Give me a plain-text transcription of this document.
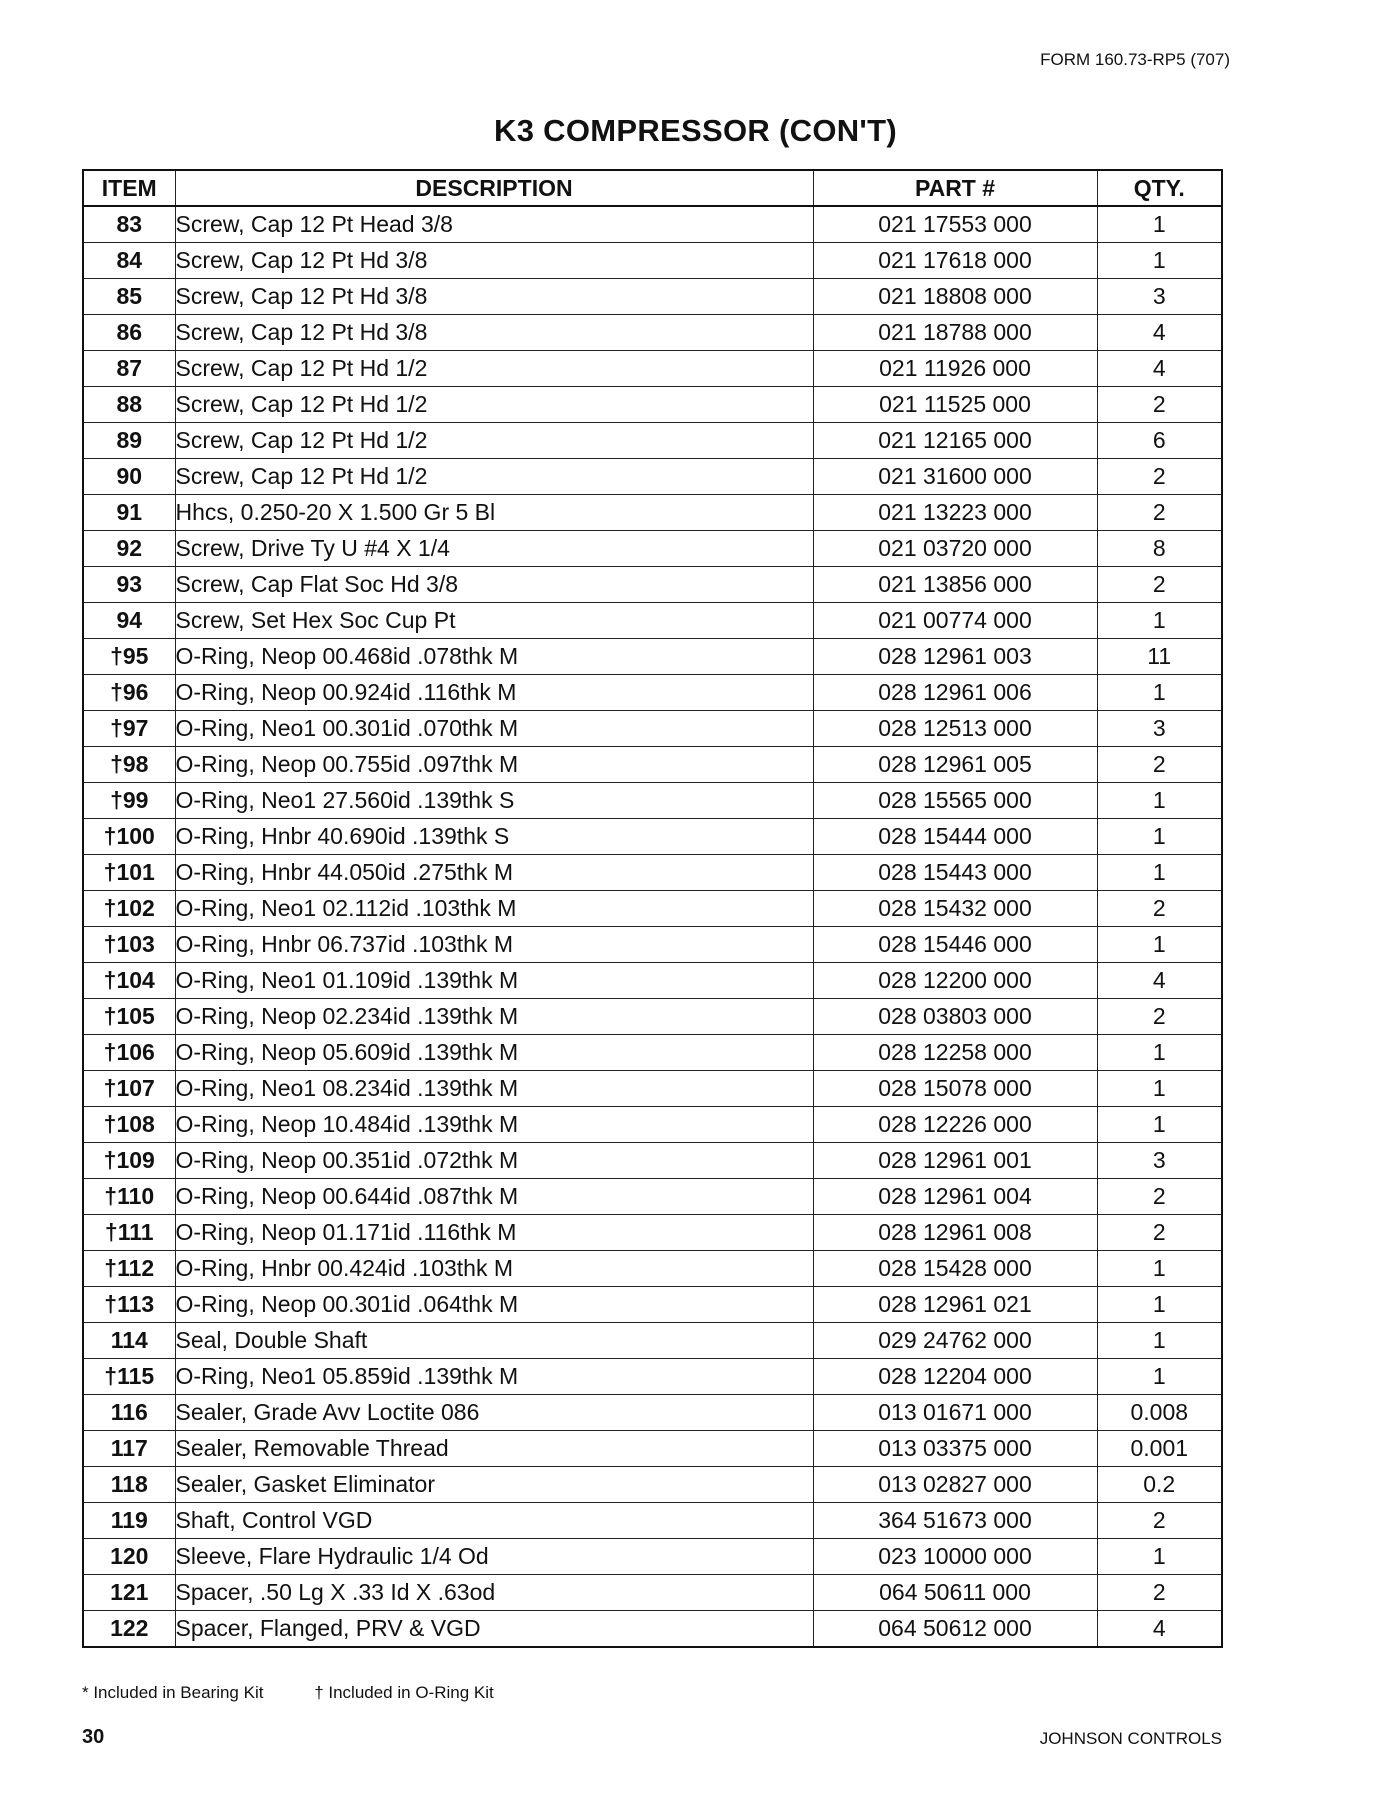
FORM 160.73-RP5 (707)
K3 COMPRESSOR (CON'T)
ITEM	DESCRIPTION	PART #	QTY.
83	Screw, Cap 12 Pt Head 3/8	021 17553 000	1
84	Screw, Cap 12 Pt Hd 3/8	021 17618 000	1
85	Screw, Cap 12 Pt Hd 3/8	021 18808 000	3
86	Screw, Cap 12 Pt Hd 3/8	021 18788 000	4
87	Screw, Cap 12 Pt Hd 1/2	021 11926 000	4
88	Screw, Cap 12 Pt Hd 1/2	021 11525 000	2
89	Screw, Cap 12 Pt Hd 1/2	021 12165 000	6
90	Screw, Cap 12 Pt Hd 1/2	021 31600 000	2
91	Hhcs, 0.250-20 X 1.500 Gr 5 Bl	021 13223 000	2
92	Screw, Drive Ty U #4 X 1/4	021 03720 000	8
93	Screw, Cap Flat Soc Hd 3/8	021 13856 000	2
94	Screw, Set Hex Soc Cup Pt	021 00774 000	1
†95	O-Ring, Neop 00.468id .078thk M	028 12961 003	11
†96	O-Ring, Neop 00.924id .116thk M	028 12961 006	1
†97	O-Ring, Neo1 00.301id .070thk M	028 12513 000	3
†98	O-Ring, Neop 00.755id .097thk M	028 12961 005	2
†99	O-Ring, Neo1 27.560id .139thk S	028 15565 000	1
†100	O-Ring, Hnbr 40.690id .139thk S	028 15444 000	1
†101	O-Ring, Hnbr 44.050id .275thk M	028 15443 000	1
†102	O-Ring, Neo1 02.112id .103thk M	028 15432 000	2
†103	O-Ring, Hnbr 06.737id .103thk M	028 15446 000	1
†104	O-Ring, Neo1 01.109id .139thk M	028 12200 000	4
†105	O-Ring, Neop 02.234id .139thk M	028 03803 000	2
†106	O-Ring, Neop 05.609id .139thk M	028 12258 000	1
†107	O-Ring, Neo1 08.234id .139thk M	028 15078 000	1
†108	O-Ring, Neop 10.484id .139thk M	028 12226 000	1
†109	O-Ring, Neop 00.351id .072thk M	028 12961 001	3
†110	O-Ring, Neop 00.644id .087thk M	028 12961 004	2
†111	O-Ring, Neop 01.171id .116thk M	028 12961 008	2
†112	O-Ring, Hnbr 00.424id .103thk M	028 15428 000	1
†113	O-Ring, Neop 00.301id .064thk M	028 12961 021	1
114	Seal, Double Shaft	029 24762 000	1
†115	O-Ring, Neo1 05.859id .139thk M	028 12204 000	1
116	Sealer, Grade Avv Loctite 086	013 01671 000	0.008
117	Sealer, Removable Thread	013 03375 000	0.001
118	Sealer, Gasket Eliminator	013 02827 000	0.2
119	Shaft, Control VGD	364 51673 000	2
120	Sleeve, Flare Hydraulic 1/4 Od	023 10000 000	1
121	Spacer, .50 Lg X .33 Id X .63od	064 50611 000	2
122	Spacer, Flanged, PRV & VGD	064 50612 000	4
* Included in Bearing Kit	† Included in O-Ring Kit
30	JOHNSON CONTROLS
